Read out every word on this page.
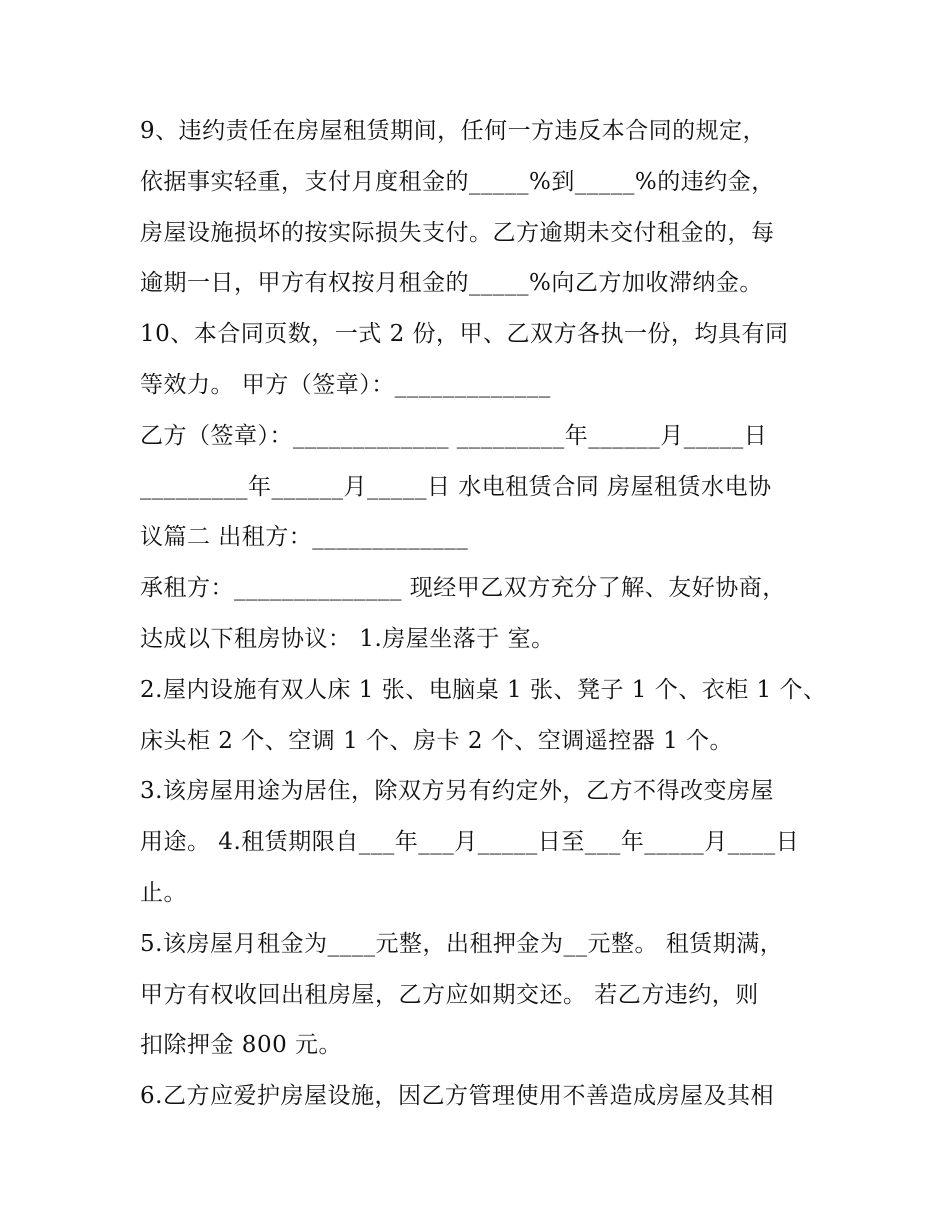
9、违约责任在房屋租赁期间，任何一方违反本合同的规定，
依据事实轻重，支付月度租金的_____%到_____%的违约金，
房屋设施损坏的按实际损失支付。乙方逾期未交付租金的，每
逾期一日，甲方有权按月租金的_____%向乙方加收滞纳金。
10、本合同页数，一式 2 份，甲、乙双方各执一份，均具有同
等效力。 甲方（签章）：_____________
乙方（签章）：_____________ _________年______月_____日
_________年______月_____日 水电租赁合同 房屋租赁水电协
议篇二 出租方：_____________
承租方：______________ 现经甲乙双方充分了解、友好协商，
达成以下租房协议： 1.房屋坐落于 室。
2.屋内设施有双人床 1 张、电脑桌 1 张、凳子 1 个、衣柜 1 个、
床头柜 2 个、空调 1 个、房卡 2 个、空调遥控器 1 个。
3.该房屋用途为居住，除双方另有约定外，乙方不得改变房屋
用途。 4.租赁期限自___年___月_____日至___年_____月____日
止。
5.该房屋月租金为____元整，出租押金为__元整。 租赁期满，
甲方有权收回出租房屋，乙方应如期交还。 若乙方违约，则
扣除押金 800 元。
6.乙方应爱护房屋设施，因乙方管理使用不善造成房屋及其相
